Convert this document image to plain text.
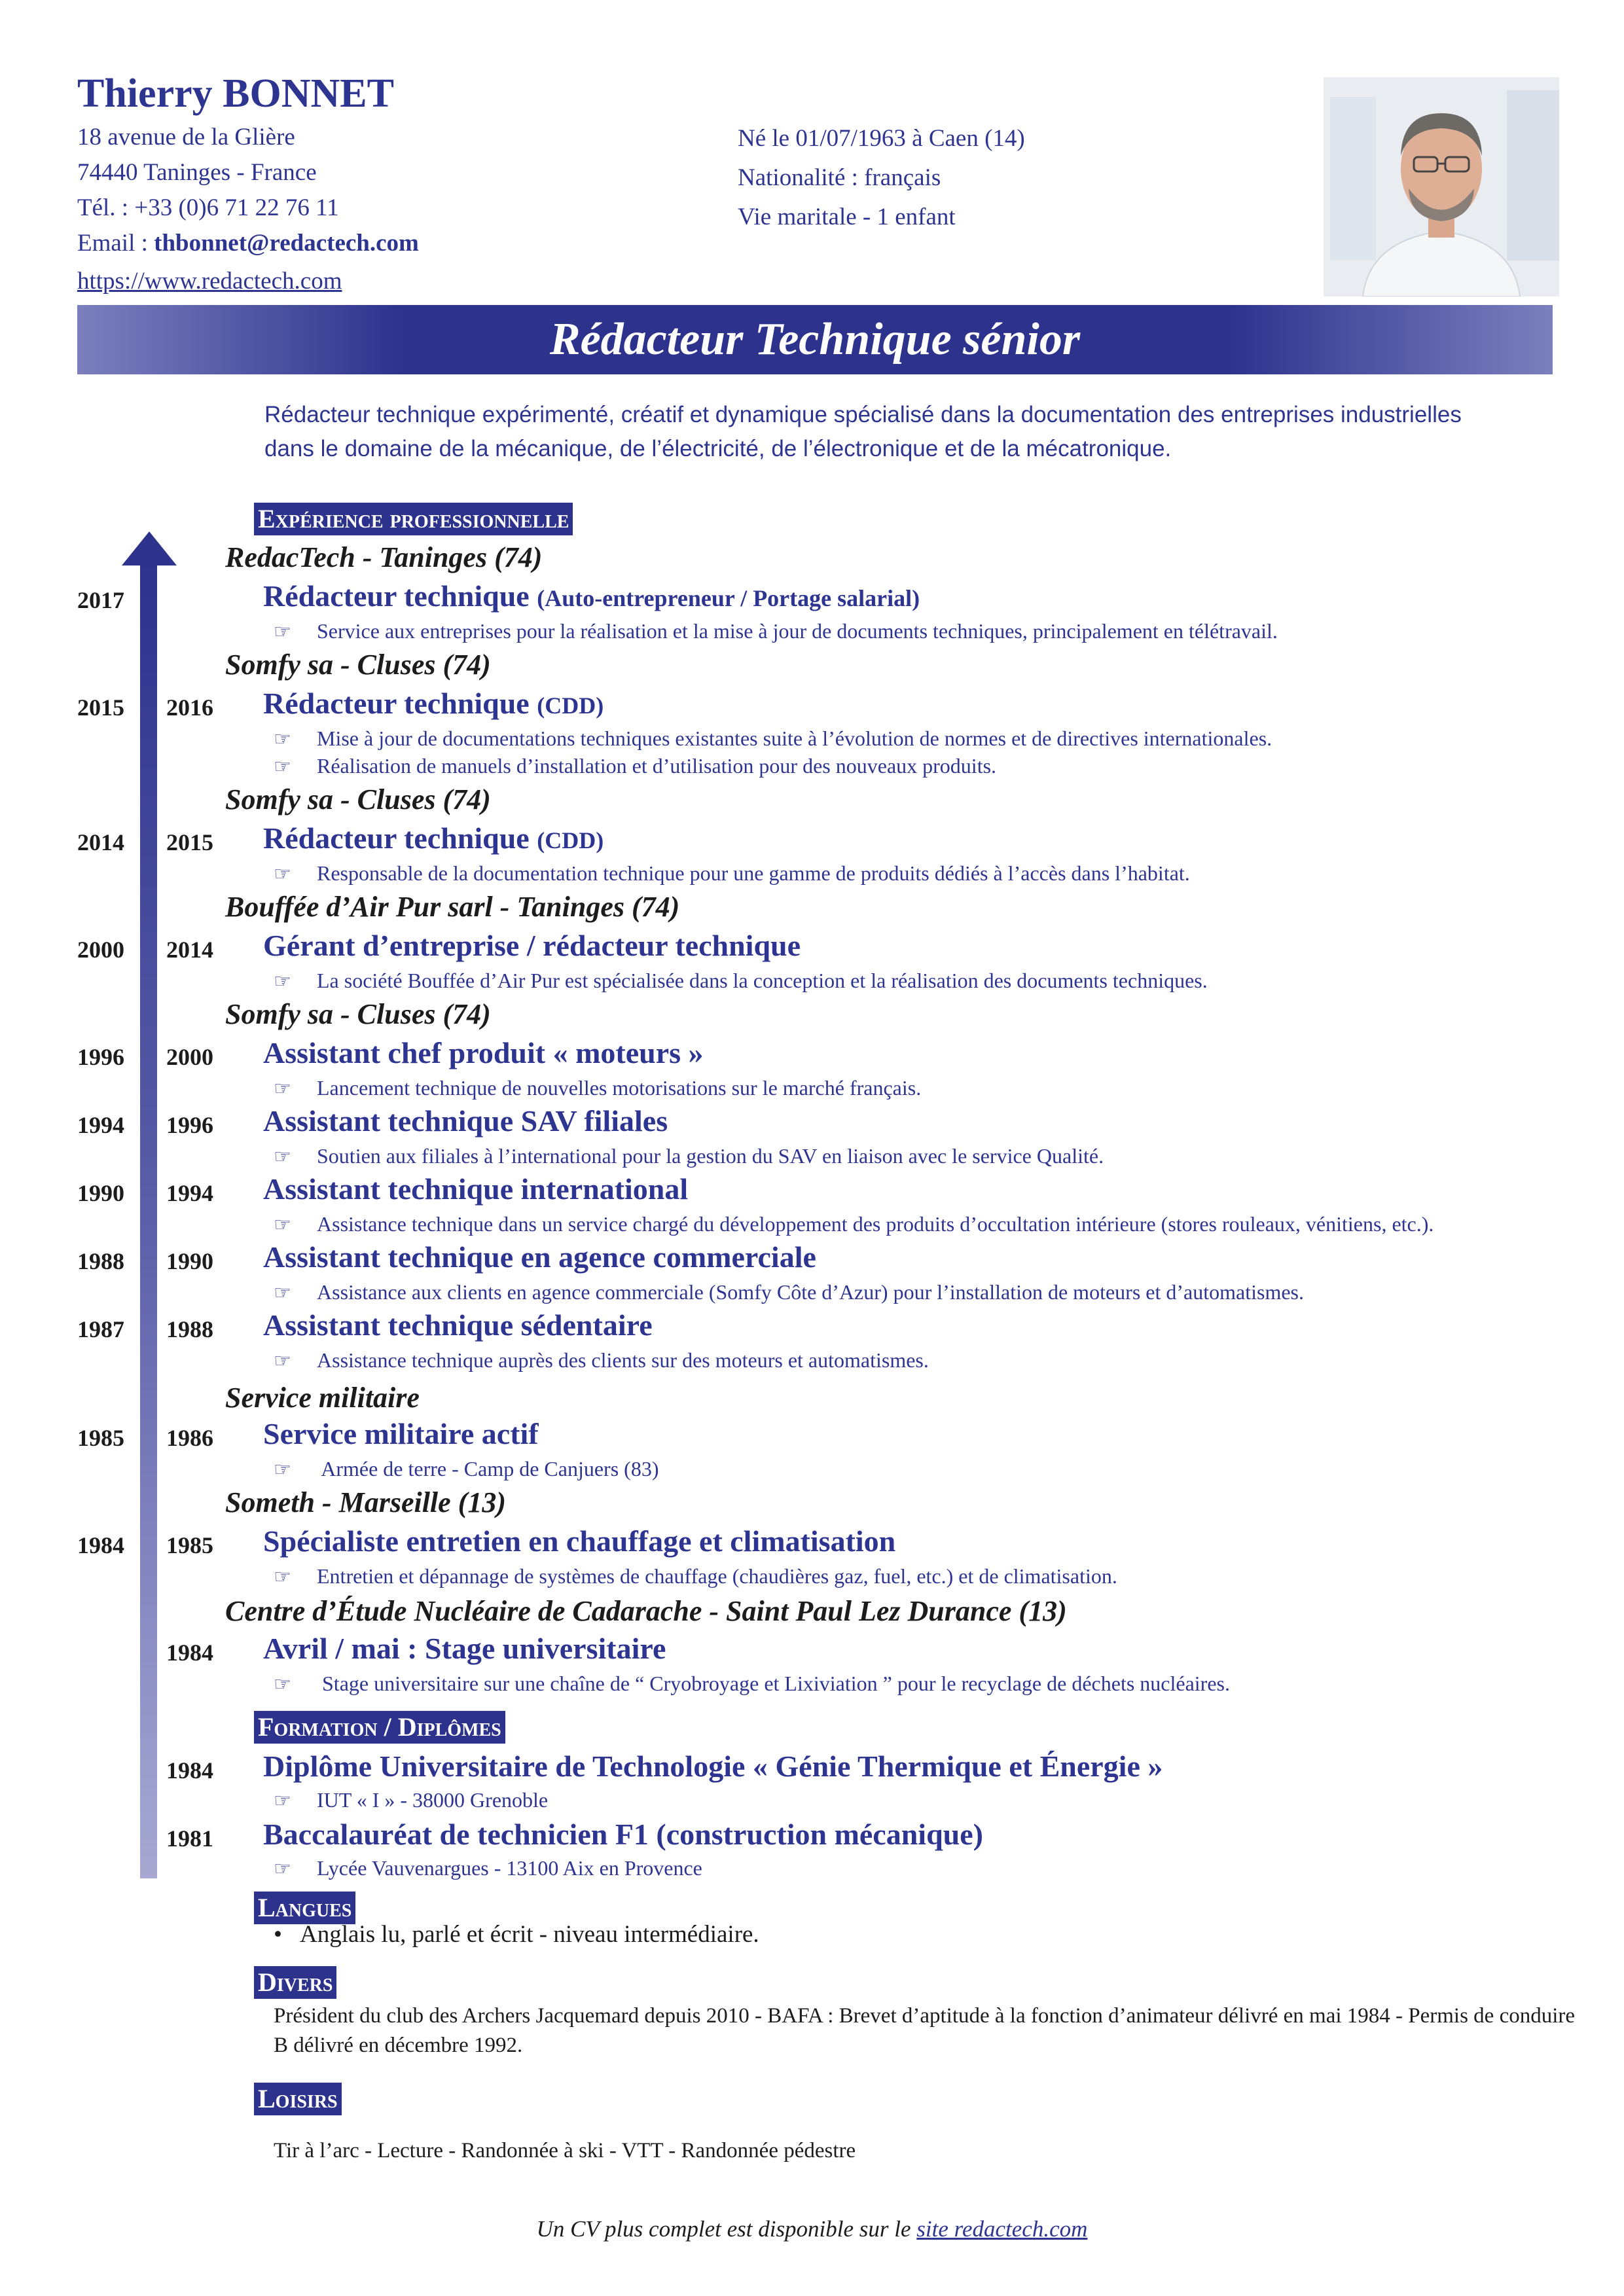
Thierry BONNET
18 avenue de la Glière
74440 Taninges - France
Tél. : +33 (0)6 71 22 76 11
Email : thbonnet@redactech.com
https://www.redactech.com
Né le 01/07/1963 à Caen (14)
Nationalité : français
Vie maritale - 1 enfant
Rédacteur Technique sénior
Rédacteur technique expérimenté, créatif et dynamique spécialisé dans la documentation des entreprises industrielles dans le domaine de la mécanique, de l’électricité, de l’électronique et de la mécatronique.
Expérience professionnelle
RedacTech - Taninges (74)
2017	Rédacteur technique (Auto-entrepreneur / Portage salarial)
☞ Service aux entreprises pour la réalisation et la mise à jour de documents techniques, principalement en télétravail.
Somfy sa - Cluses (74)
2015 2016 Rédacteur technique (CDD)
☞ Mise à jour de documentations techniques existantes suite à l’évolution de normes et de directives internationales.
☞ Réalisation de manuels d’installation et d’utilisation pour des nouveaux produits.
Somfy sa - Cluses (74)
2014 2015 Rédacteur technique (CDD)
☞ Responsable de la documentation technique pour une gamme de produits dédiés à l’accès dans l’habitat.
Bouffée d’Air Pur sarl - Taninges (74)
2000 2014 Gérant d’entreprise / rédacteur technique
☞ La société Bouffée d’Air Pur est spécialisée dans la conception et la réalisation des documents techniques.
Somfy sa - Cluses (74)
1996 2000 Assistant chef produit « moteurs »
☞ Lancement technique de nouvelles motorisations sur le marché français.
1994 1996 Assistant technique SAV filiales
☞ Soutien aux filiales à l’international pour la gestion du SAV en liaison avec le service Qualité.
1990 1994 Assistant technique international
☞ Assistance technique dans un service chargé du développement des produits d’occultation intérieure (stores rouleaux, vénitiens, etc.).
1988 1990 Assistant technique en agence commerciale
☞ Assistance aux clients en agence commerciale (Somfy Côte d’Azur) pour l’installation de moteurs et d’automatismes.
1987 1988 Assistant technique sédentaire
☞ Assistance technique auprès des clients sur des moteurs et automatismes.
Service militaire
1985 1986 Service militaire actif
☞ Armée de terre - Camp de Canjuers (83)
Someth - Marseille (13)
1984 1985 Spécialiste entretien en chauffage et climatisation
☞ Entretien et dépannage de systèmes de chauffage (chaudières gaz, fuel, etc.) et de climatisation.
Centre d’Étude Nucléaire de Cadarache - Saint Paul Lez Durance (13)
1984 Avril / mai : Stage universitaire
☞ Stage universitaire sur une chaîne de “ Cryobroyage et Lixiviation ” pour le recyclage de déchets nucléaires.
Formation / Diplômes
1984 Diplôme Universitaire de Technologie « Génie Thermique et Énergie »
☞ IUT « I » - 38000 Grenoble
1981 Baccalauréat de technicien F1 (construction mécanique)
☞ Lycée Vauvenargues - 13100 Aix en Provence
Langues
• Anglais lu, parlé et écrit - niveau intermédiaire.
Divers
Président du club des Archers Jacquemard depuis 2010 - BAFA : Brevet d’aptitude à la fonction d’animateur délivré en mai 1984 - Permis de conduire B délivré en décembre 1992.
Loisirs
Tir à l’arc - Lecture - Randonnée à ski - VTT - Randonnée pédestre
Un CV plus complet est disponible sur le site redactech.com
